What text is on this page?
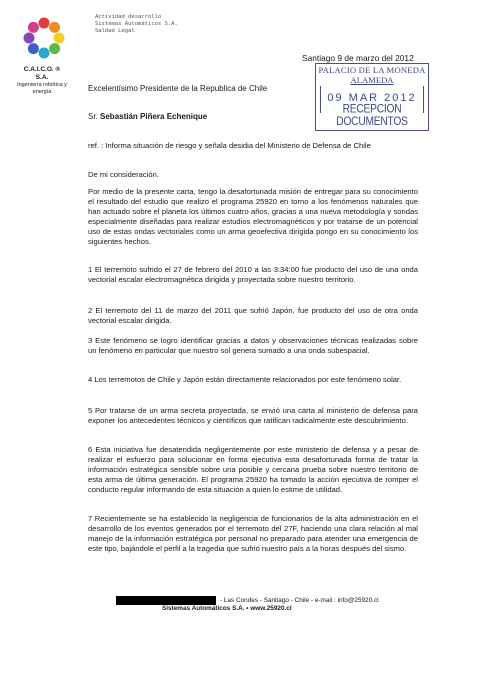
C.A.I.C.O. ® S.A.
Ingeniería robótica y energía
Actividad desarrollo
Sistemas Automáticos S.A.
Saldad Legal
Santiago 9 de marzo del 2012
PALACIO DE LA MONEDA
ALAMEDA
09 MAR 2012
RECEPCION DOCUMENTOS
Excelentísimo Presidente de la Republica de Chile
Sr. Sebastián Piñera Echenique
ref. : Informa situación de riesgo y señala desidia del Ministerio de Defensa de Chile
De mi consideración.
Por medio de la presente carta, tengo la desafortunada misión de entregar para su conocimiento el resultado del estudio que realizo el programa 25920 en torno a los fenómenos naturales que han actuado sobre el planeta los últimos cuatro años, gracias a una nueva metodología y sondas especialmente diseñadas para realizar estudios electromagnéticos y por tratarse de un potencial uso de estas ondas vectoriales como un arma geoefectiva dirigida pongo en su conocimiento los siguientes hechos.
1 El terremoto sufrido el 27 de febrero del 2010 a las 3:34:00 fue producto del uso de una onda vectorial escalar electromagnética dirigida y proyectada sobre nuestro territorio.
2 El terremoto del 11 de marzo del 2011 que sufrió Japón, fue producto del uso de otra onda vectorial escalar dirigida.
3 Este fenómeno se logro identificar gracias a datos y observaciones técnicas realizadas sobre un fenómeno en particular que nuestro sol genera sumado a una onda subespacial.
4 Los terremotos de Chile y Japón están directamente relacionados por este fenómeno solar.
5 Por tratarse de un arma secreta proyectada, se envió una carta al ministerio de defensa para exponer los antecedentes técnicos y científicos que ratifican radicalmente este descubrimiento.
6 Esta iniciativa fue desatendida negligentemente por este ministerio de defensa y a pesar de realizar el esfuerzo para solucionar en forma ejecutiva esta desafortunada forma de tratar la información estratégica sensible sobre una posible y cercana prueba sobre nuestro territorio de esta arma de última generación. El programa 25920 ha tomado la acción ejecutiva de romper el conducto regular informando de esta situación a quien lo estime de utilidad.
7 Recientemente se ha establecido la negligencia de funcionarios de la alta administración en el desarrollo de los eventos generados por el terremoto del 27F, haciendo una clara relación al mal manejo de la información estratégica por personal no preparado para atender una emergencia de este tipo, bajándole el perfil a la tragedia que sufrió nuestro país a la horas después del sismo.
- Las Condes - Santiago - Chile - e-mail : info@25920.cl
Sistemas Automáticos S.A. • www.25920.cl
